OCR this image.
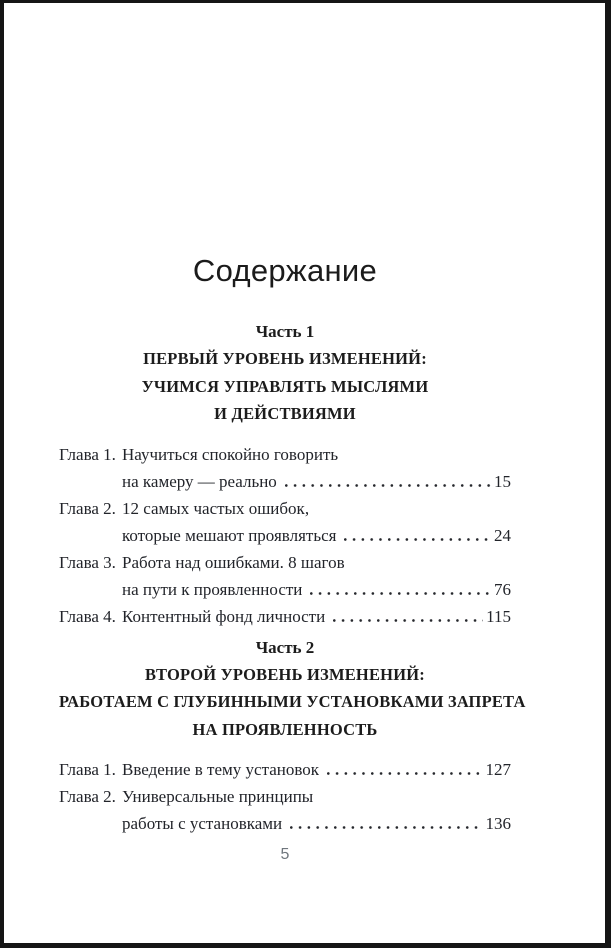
Содержание
Часть 1
ПЕРВЫЙ УРОВЕНЬ ИЗМЕНЕНИЙ:
УЧИМСЯ УПРАВЛЯТЬ МЫСЛЯМИ
И ДЕЙСТВИЯМИ
Глава 1. Научиться спокойно говорить
на камеру — реально	15
Глава 2. 12 самых частых ошибок,
которые мешают проявляться	24
Глава 3. Работа над ошибками. 8 шагов
на пути к проявленности	76
Глава 4. Контентный фонд личности	115
Часть 2
ВТОРОЙ УРОВЕНЬ ИЗМЕНЕНИЙ:
РАБОТАЕМ С ГЛУБИННЫМИ УСТАНОВКАМИ ЗАПРЕТА
НА ПРОЯВЛЕННОСТЬ
Глава 1. Введение в тему установок	127
Глава 2. Универсальные принципы
работы с установками	136
5
